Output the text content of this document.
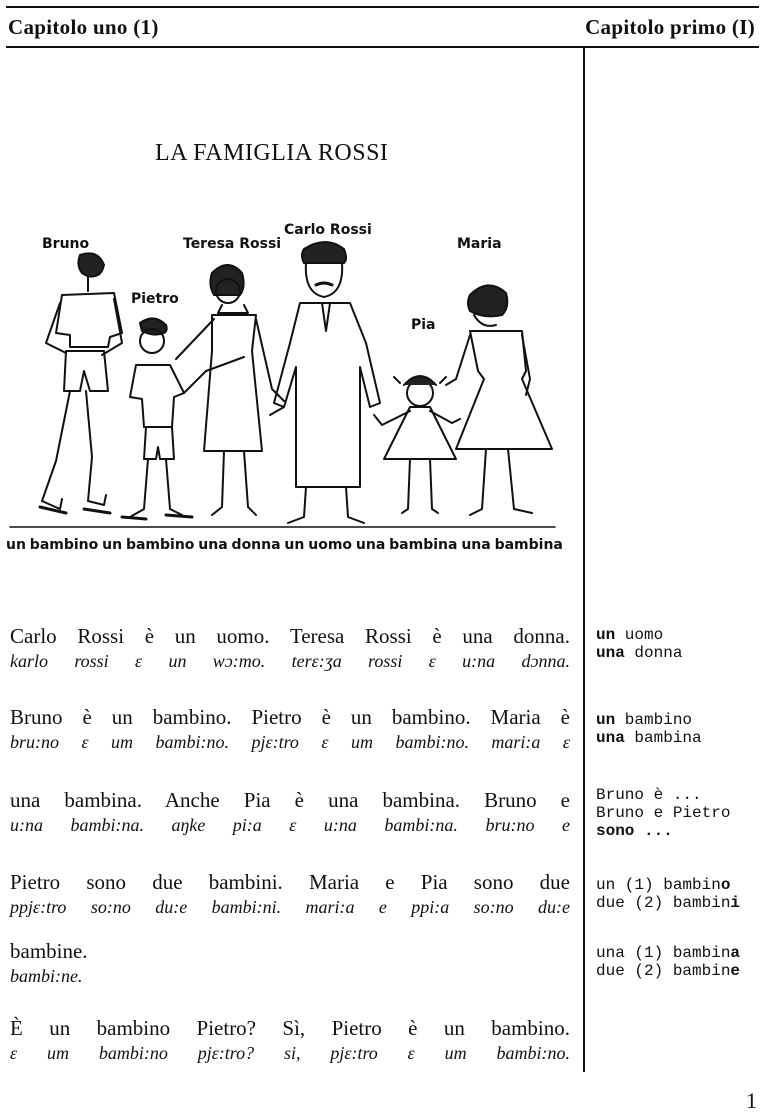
Capitolo uno (1)	Capitolo primo (I)
LA FAMIGLIA ROSSI
Bruno
Pietro
Teresa Rossi
Carlo Rossi
Pia
Maria
un bambino un bambino una donna un uomo una bambina una bambina
Carlo Rossi è un uomo. Teresa Rossi è una donna.
karlo rossi ɛ un wɔ:mo. terɛ:ʒa rossi ɛ u:na dɔnna.
Bruno è un bambino. Pietro è un bambino. Maria è
bru:no ɛ um bambi:no. pjɛ:tro ɛ um bambi:no. mari:a ɛ
una bambina. Anche Pia è una bambina. Bruno e
u:na bambi:na. aŋke pi:a ɛ u:na bambi:na. bru:no e
Pietro sono due bambini. Maria e Pia sono due
ppjɛ:tro so:no du:e bambi:ni. mari:a e ppi:a so:no du:e
bambine.
bambi:ne.
È un bambino Pietro? Sì, Pietro è un bambino.
ɛ um bambi:no pjɛ:tro? si, pjɛ:tro ɛ um bambi:no.
un uomo
una donna
un bambino
una bambina
Bruno è ...
Bruno e Pietro
sono ...
un (1) bambino
due (2) bambini
una (1) bambina
due (2) bambine
1
